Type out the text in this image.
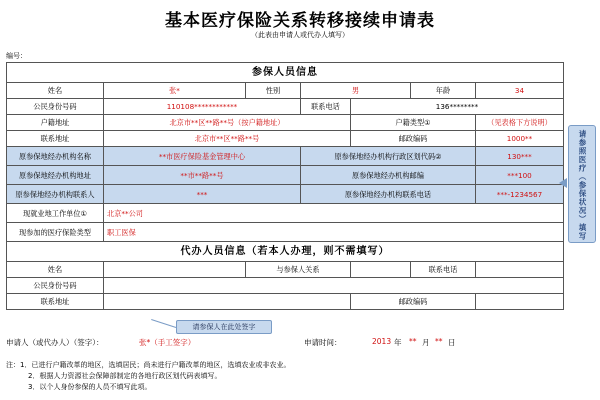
基本医疗保险关系转移接续申请表
（此表由申请人或代办人填写）
编号：
参保人员信息						
姓名	张*	性别	男		年龄	34
公民身份号码	110108************		联系电话	136********		
户籍地址	北京市**区**路**号（按户籍地址）			户籍类型①		（见表格下方说明）
联系地址	北京市**区**路**号			邮政编码		1000**
原参保地经办机构名称	**市医疗保险基金管理中心		原参保地经办机构行政区划代码②			130***
原参保地经办机构地址	**市**路**号		原参保地经办机构邮编			***100
原参保地经办机构联系人	***		原参保地经办机构联系电话			***-1234567
现就业地工作单位①	北京**公司					
现参加的医疗保险类型	职工医保					
代办人员信息（若本人办理，则不需填写）						
姓名		与参保人关系			联系电话	
公民身份号码						
联系地址				邮政编码		
请参照医疗（参保状况）填写
请参保人在此处签字
申请人（或代办人）（签字）：	张*（手工签字）	申请时间：	2013 年 ** 月 ** 日
注：1．已进行户籍改革的地区，选填居民；尚未进行户籍改革的地区，选填农业或非农业。
2．根据人力资源社会保障部制定的各地行政区划代码表填写。
3．以个人身份参保的人员不填写此项。
